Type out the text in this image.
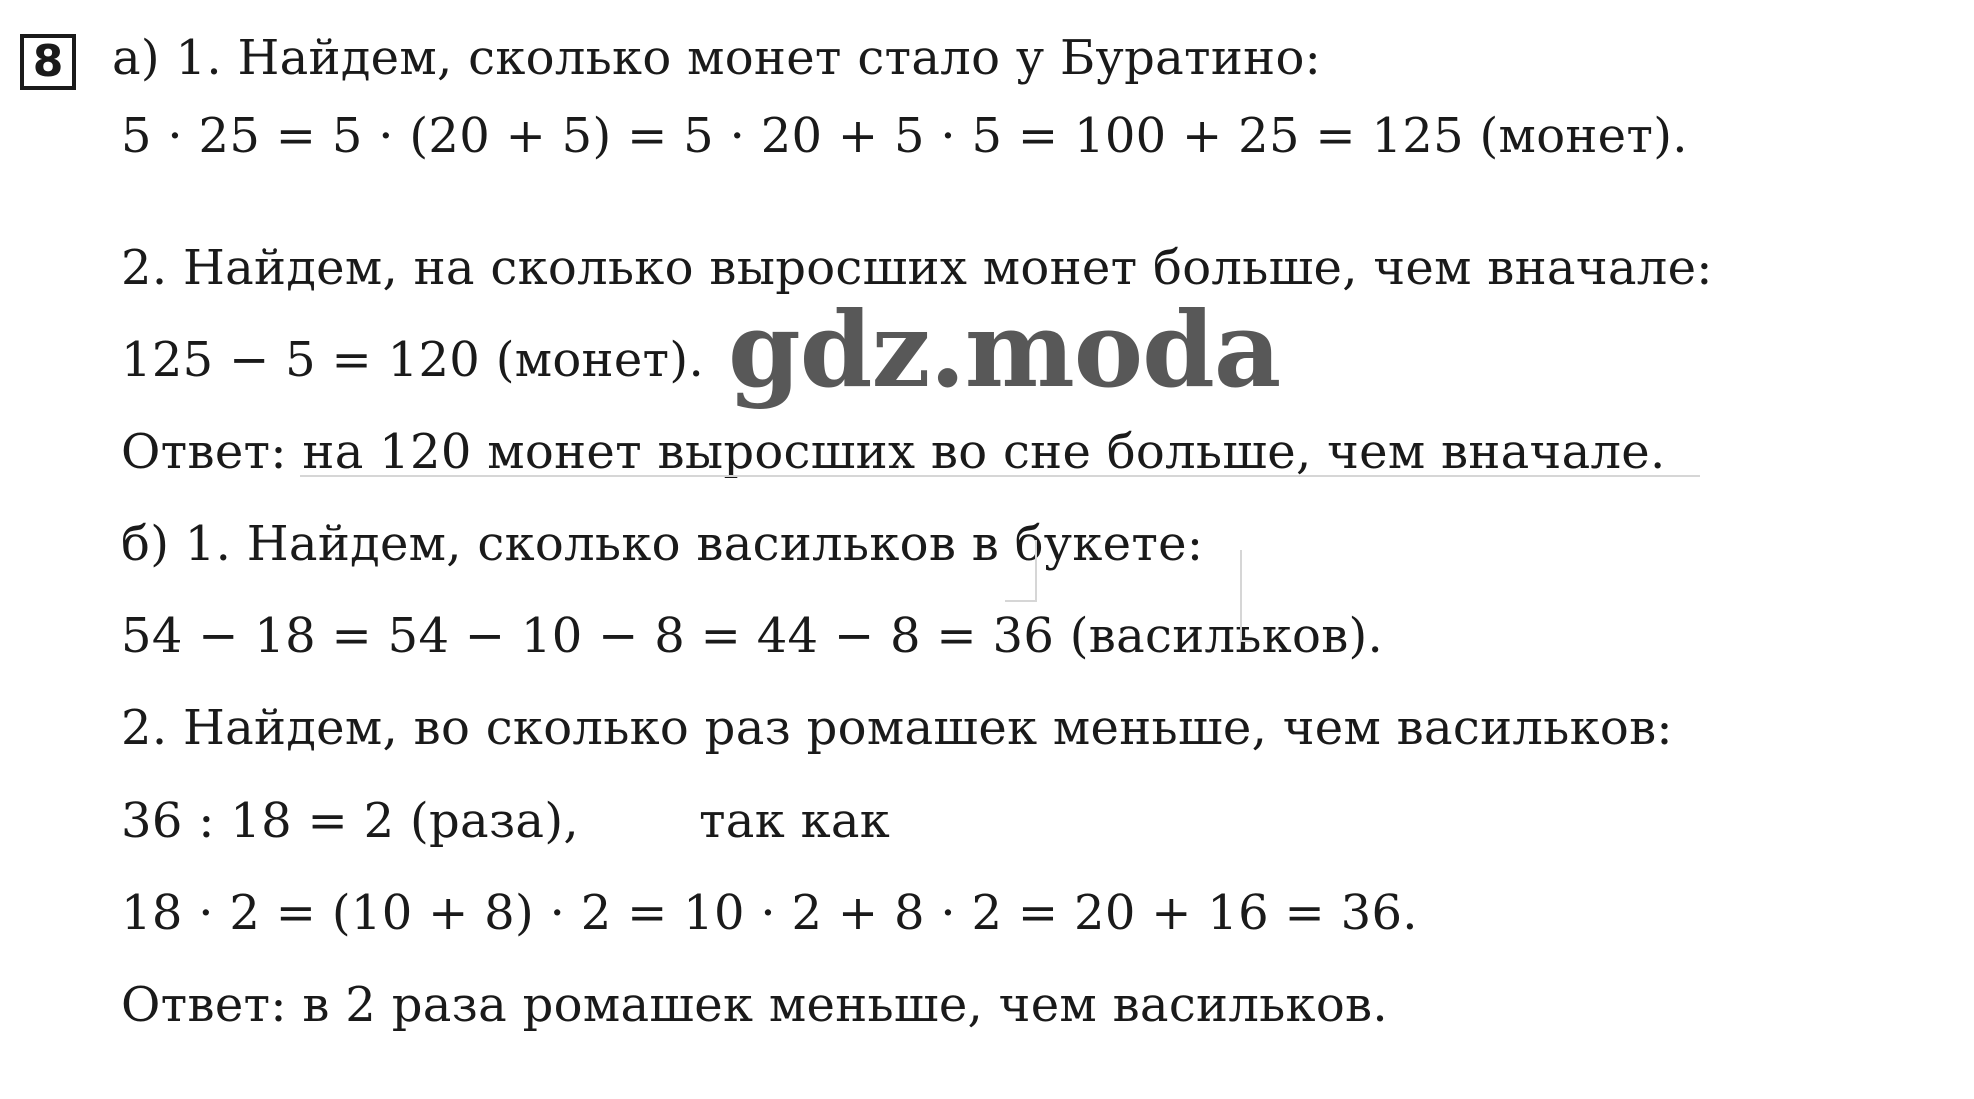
8 а) 1. Найдем, сколько монет стало у Буратино:
5 · 25 = 5 · (20 + 5) = 5 · 20 + 5 · 5 = 100 + 25 = 125 (монет).
2. Найдем, на сколько выросших монет больше, чем вначале:
125 − 5 = 120 (монет).
Ответ: на 120 монет выросших во сне больше, чем вначале.
б) 1. Найдем, сколько васильков в букете:
54 − 18 = 54 − 10 − 8 = 44 − 8 = 36 (васильков).
2. Найдем, во сколько раз ромашек меньше, чем васильков:
36 : 18 = 2 (раза),	так как
18 · 2 = (10 + 8) · 2 = 10 · 2 + 8 · 2 = 20 + 16 = 36.
Ответ: в 2 раза ромашек меньше, чем васильков.
gdz.moda
